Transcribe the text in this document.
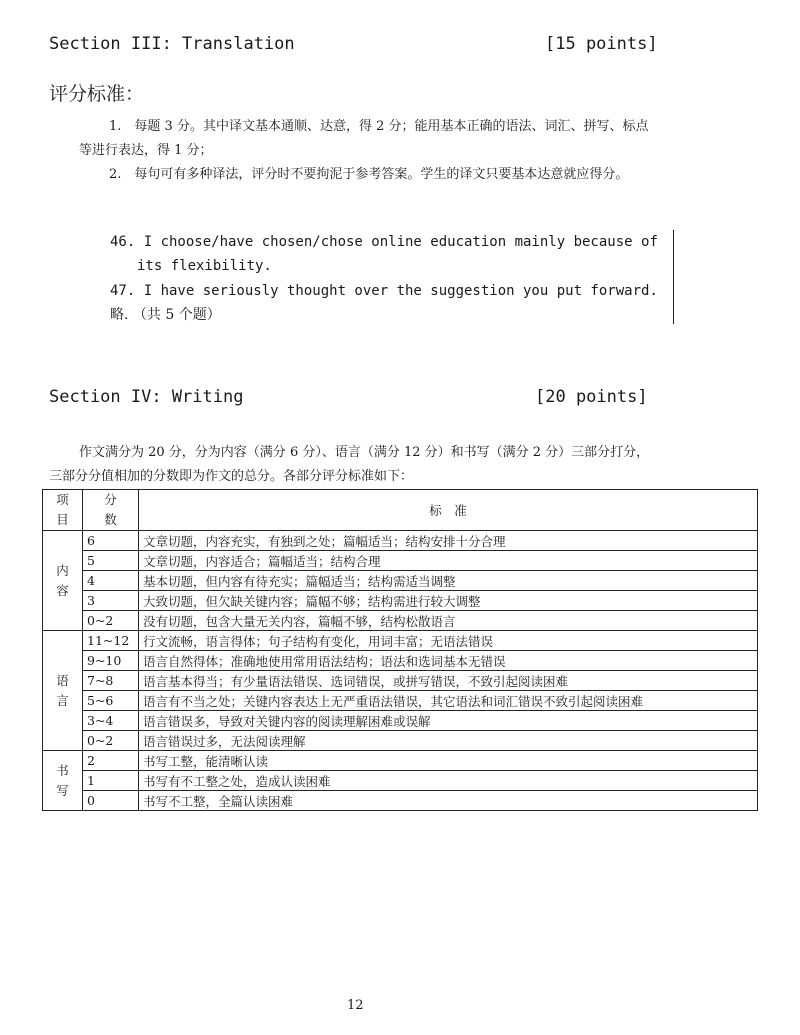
Section III: Translation	[15 points]
评分标准：
1.　每题 3 分。其中译文基本通顺、达意，得 2 分；能用基本正确的语法、词汇、拼写、标点等进行表达，得 1 分；
2.　每句可有多种译法，评分时不要拘泥于参考答案。学生的译文只要基本达意就应得分。
46. I choose/have chosen/chose online education mainly because of
its flexibility.
47. I have seriously thought over the suggestion you put forward.
略. （共 5 个题）
Section IV: Writing	[20 points]
作文满分为 20 分，分为内容（满分 6 分）、语言（满分 12 分）和书写（满分 2 分）三部分打分，三部分分值相加的分数即为作文的总分。各部分评分标准如下：
项目	分数	标　准
内容	6	文章切题，内容充实，有独到之处；篇幅适当；结构安排十分合理
	5	文章切题，内容适合；篇幅适当；结构合理
	4	基本切题，但内容有待充实；篇幅适当；结构需适当调整
	3	大致切题，但欠缺关键内容；篇幅不够；结构需进行较大调整
	0~2	没有切题，包含大量无关内容，篇幅不够，结构松散语言
语言	11~12	行文流畅，语言得体；句子结构有变化，用词丰富；无语法错误
	9~10	语言自然得体；准确地使用常用语法结构；语法和选词基本无错误
	7~8	语言基本得当；有少量语法错误、选词错误，或拼写错误，不致引起阅读困难
	5~6	语言有不当之处；关键内容表达上无严重语法错误，其它语法和词汇错误不致引起阅读困难
	3~4	语言错误多，导致对关键内容的阅读理解困难或误解
	0~2	语言错误过多，无法阅读理解
书写	2	书写工整，能清晰认读
	1	书写有不工整之处，造成认读困难
	0	书写不工整，全篇认读困难
12
